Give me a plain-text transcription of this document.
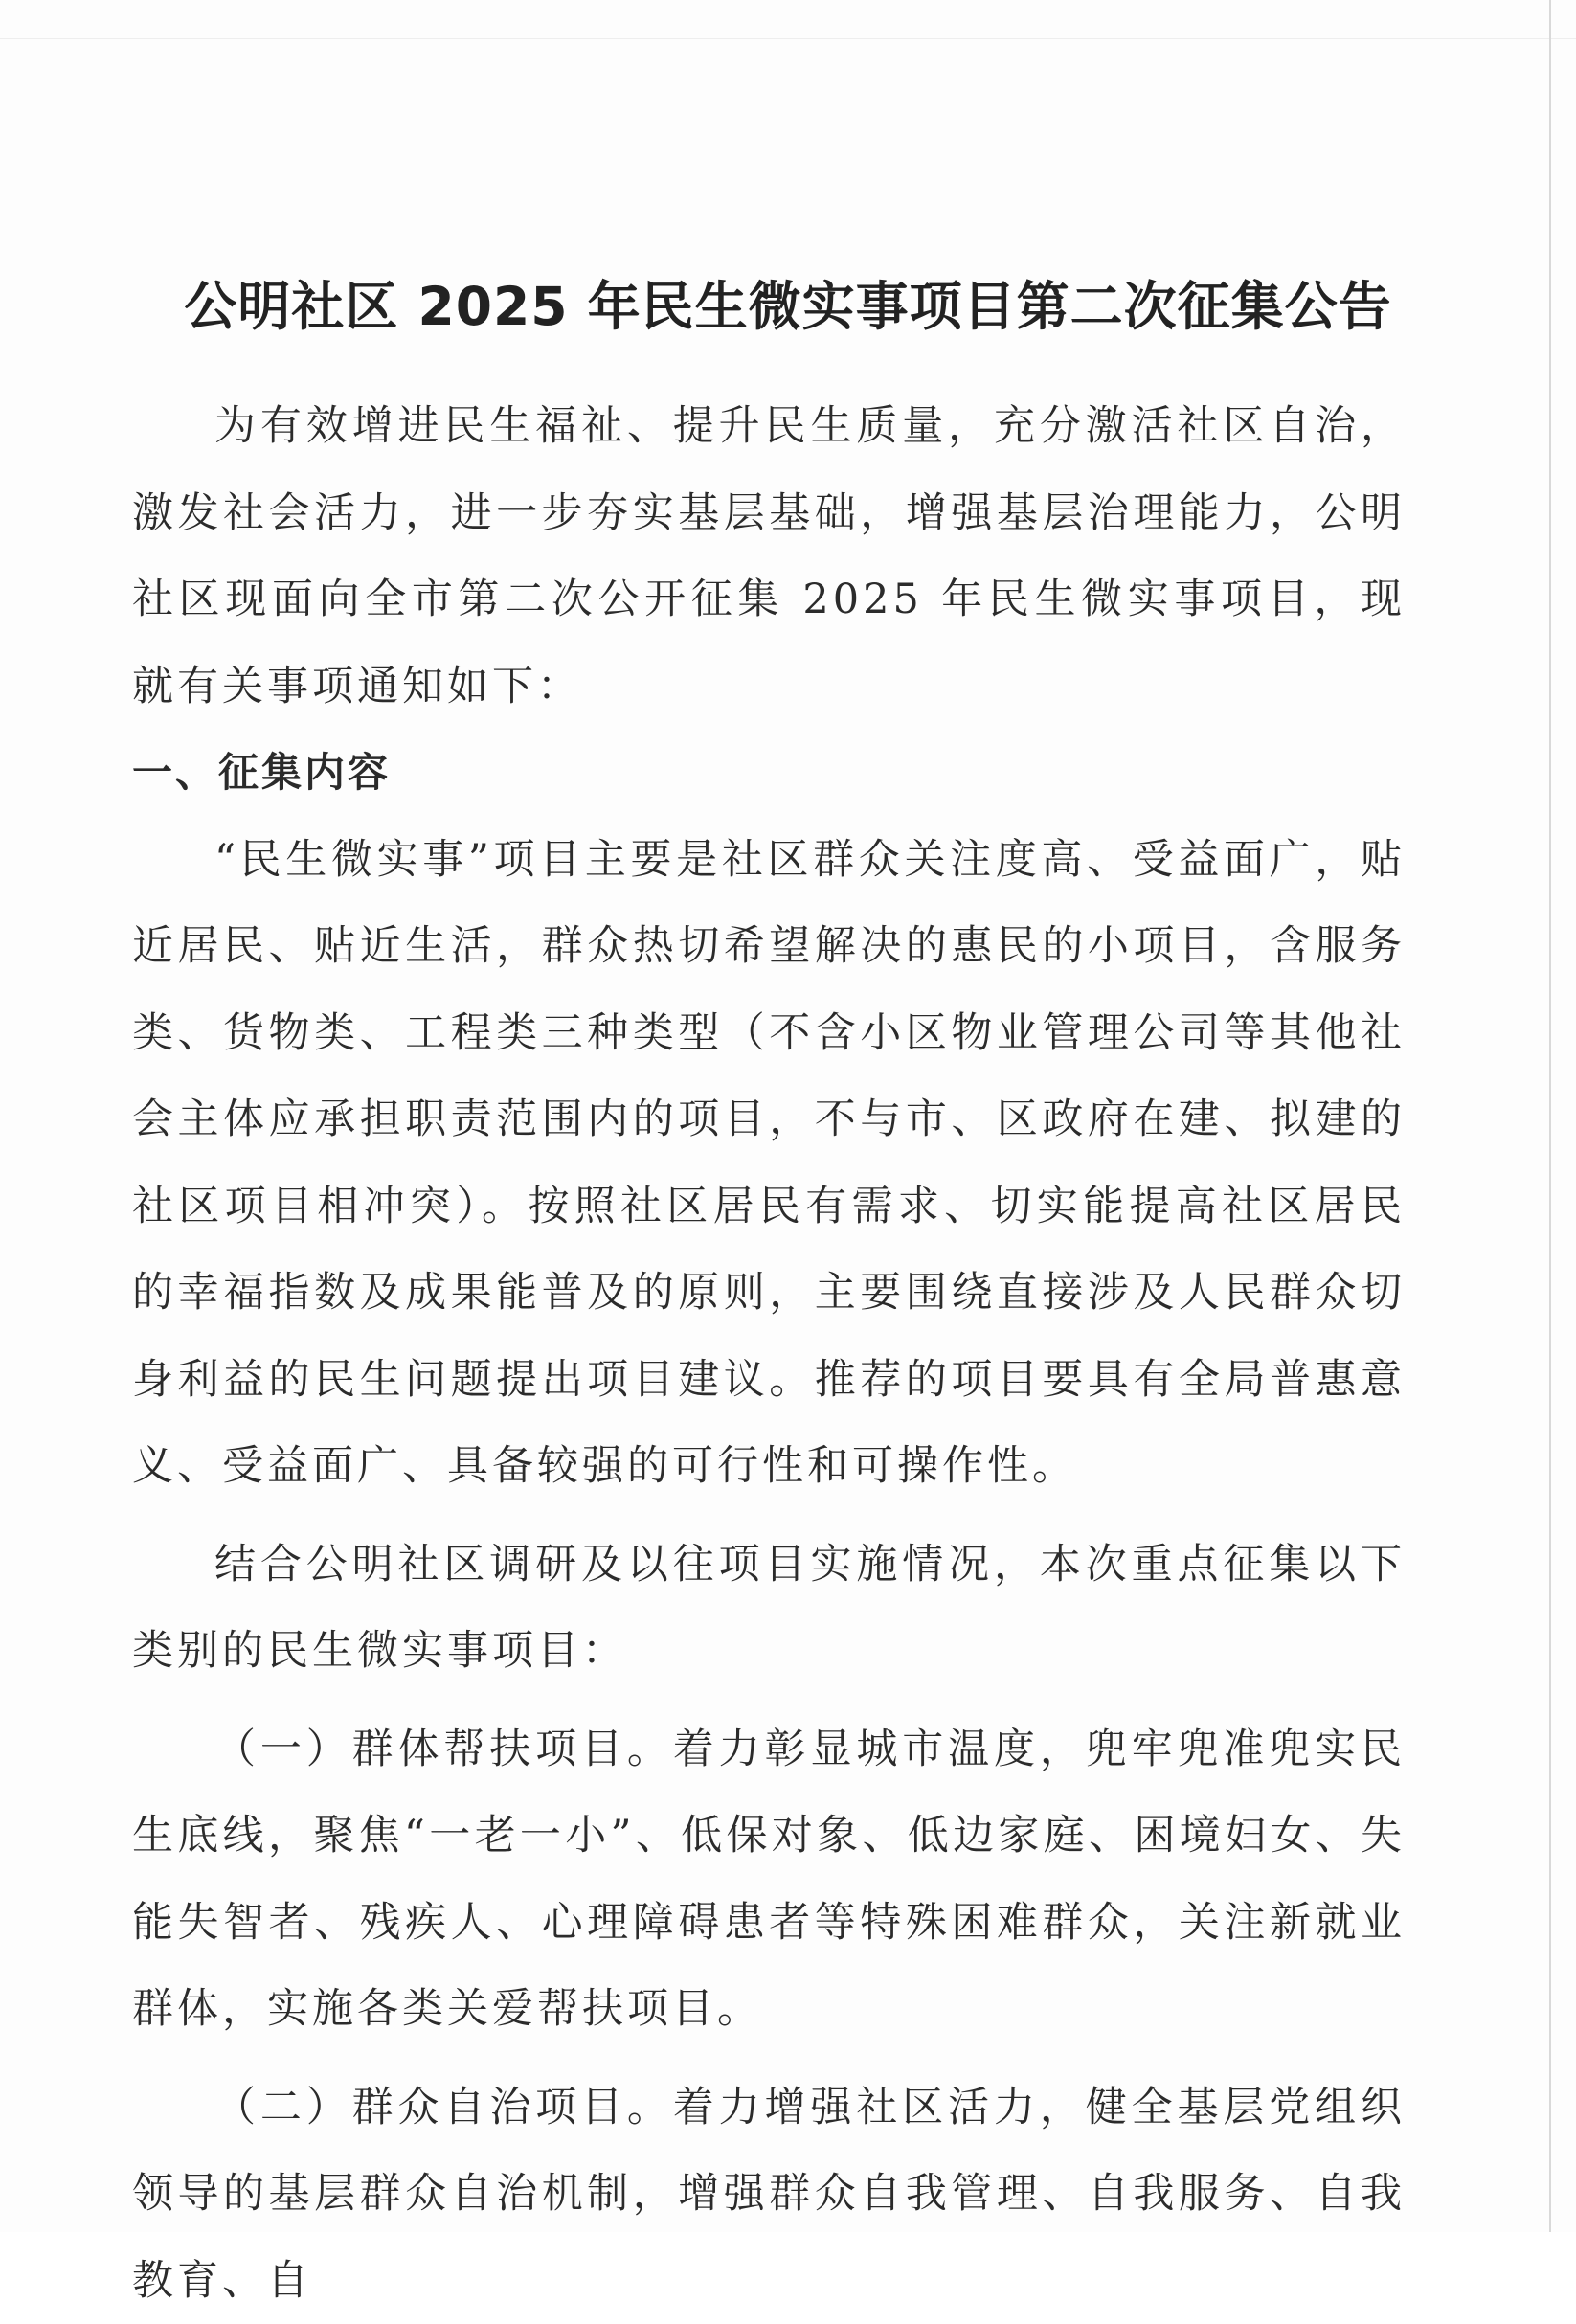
公明社区 2025 年民生微实事项目第二次征集公告

为有效增进民生福祉、提升民生质量，充分激活社区自治，激发社会活力，进一步夯实基层基础，增强基层治理能力，公明社区现面向全市第二次公开征集 2025 年民生微实事项目，现就有关事项通知如下：

一、征集内容

“民生微实事”项目主要是社区群众关注度高、受益面广，贴近居民、贴近生活，群众热切希望解决的惠民的小项目，含服务类、货物类、工程类三种类型（不含小区物业管理公司等其他社会主体应承担职责范围内的项目，不与市、区政府在建、拟建的社区项目相冲突）。按照社区居民有需求、切实能提高社区居民的幸福指数及成果能普及的原则，主要围绕直接涉及人民群众切身利益的民生问题提出项目建议。推荐的项目要具有全局普惠意义、受益面广、具备较强的可行性和可操作性。

结合公明社区调研及以往项目实施情况，本次重点征集以下类别的民生微实事项目：

（一）群体帮扶项目。着力彰显城市温度，兜牢兜准兜实民生底线，聚焦“一老一小”、低保对象、低边家庭、困境妇女、失能失智者、残疾人、心理障碍患者等特殊困难群众，关注新就业群体，实施各类关爱帮扶项目。

（二）群众自治项目。着力增强社区活力，健全基层党组织领导的基层群众自治机制，增强群众自我管理、自我服务、自我教育、自
